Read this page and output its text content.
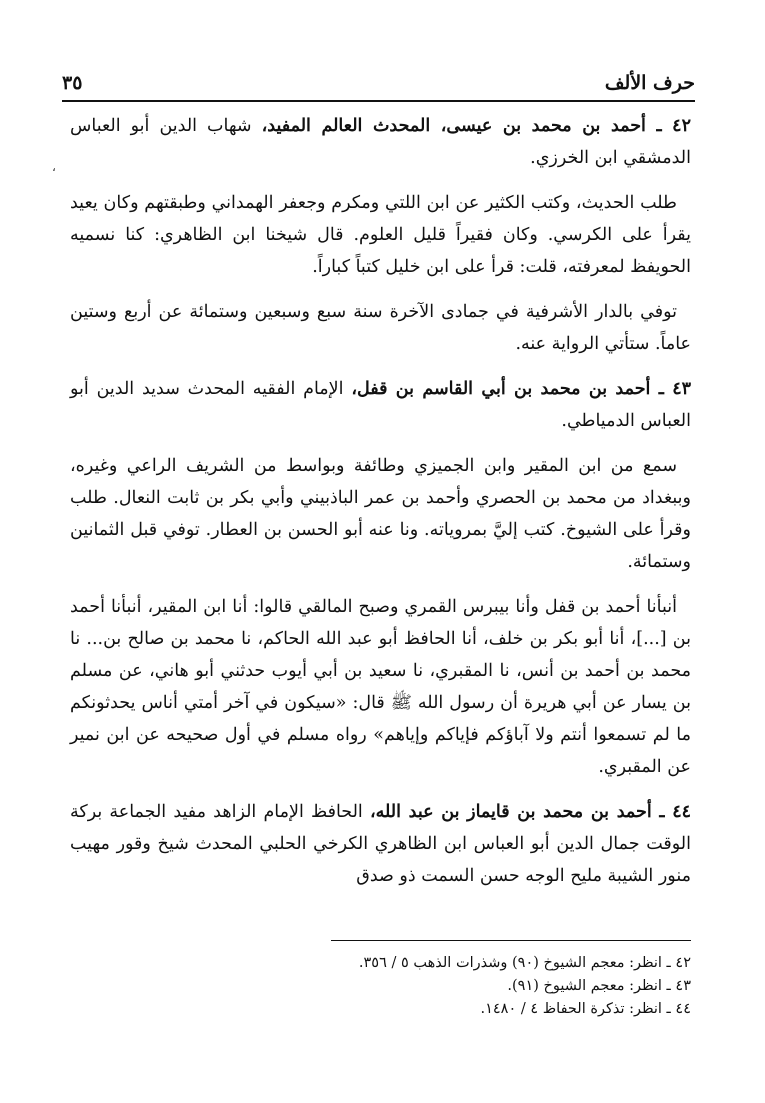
حرف الألف
٣٥
،

٤٢ ـ أحمد بن محمد بن عيسى، المحدث العالم المفيد، شهاب الدين أبو العباس الدمشقي ابن الخرزي.

طلب الحديث، وكتب الكثير عن ابن اللتي ومكرم وجعفر الهمداني وطبقتهم وكان يعيد يقرأ على الكرسي. وكان فقيراً قليل العلوم. قال شيخنا ابن الظاهري: كنا نسميه الحويفظ لمعرفته، قلت: قرأ على ابن خليل كتباً كباراً.

توفي بالدار الأشرفية في جمادى الآخرة سنة سبع وسبعين وستمائة عن أربع وستين عاماً. ستأتي الرواية عنه.

٤٣ ـ أحمد بن محمد بن أبي القاسم بن قفل، الإمام الفقيه المحدث سديد الدين أبو العباس الدمياطي.

سمع من ابن المقير وابن الجميزي وطائفة وبواسط من الشريف الراعي وغيره، وببغداد من محمد بن الحصري وأحمد بن عمر الباذبيني وأبي بكر بن ثابت النعال. طلب وقرأ على الشيوخ. كتب إليَّ بمروياته. ونا عنه أبو الحسن بن العطار. توفي قبل الثمانين وستمائة.

أنبأنا أحمد بن قفل وأنا بيبرس القمري وصبح المالقي قالوا: أنا ابن المقير، أنبأنا أحمد بن [...]، أنا أبو بكر بن خلف، أنا الحافظ أبو عبد الله الحاكم، نا محمد بن صالح بن... نا محمد بن أحمد بن أنس، نا المقبري، نا سعيد بن أبي أيوب حدثني أبو هاني، عن مسلم بن يسار عن أبي هريرة أن رسول الله ﷺ قال: «سيكون في آخر أمتي أناس يحدثونكم ما لم تسمعوا أنتم ولا آباؤكم فإياكم وإياهم» رواه مسلم في أول صحيحه عن ابن نمير عن المقبري.

٤٤ ـ أحمد بن محمد بن قايماز بن عبد الله، الحافظ الإمام الزاهد مفيد الجماعة بركة الوقت جمال الدين أبو العباس ابن الظاهري الكرخي الحلبي المحدث شيخ وقور مهيب منور الشيبة مليح الوجه حسن السمت ذو صدق

٤٢ ـ انظر: معجم الشيوخ (٩٠) وشذرات الذهب ٥ / ٣٥٦.
٤٣ ـ انظر: معجم الشيوخ (٩١).
٤٤ ـ انظر: تذكرة الحفاظ ٤ / ١٤٨٠.
